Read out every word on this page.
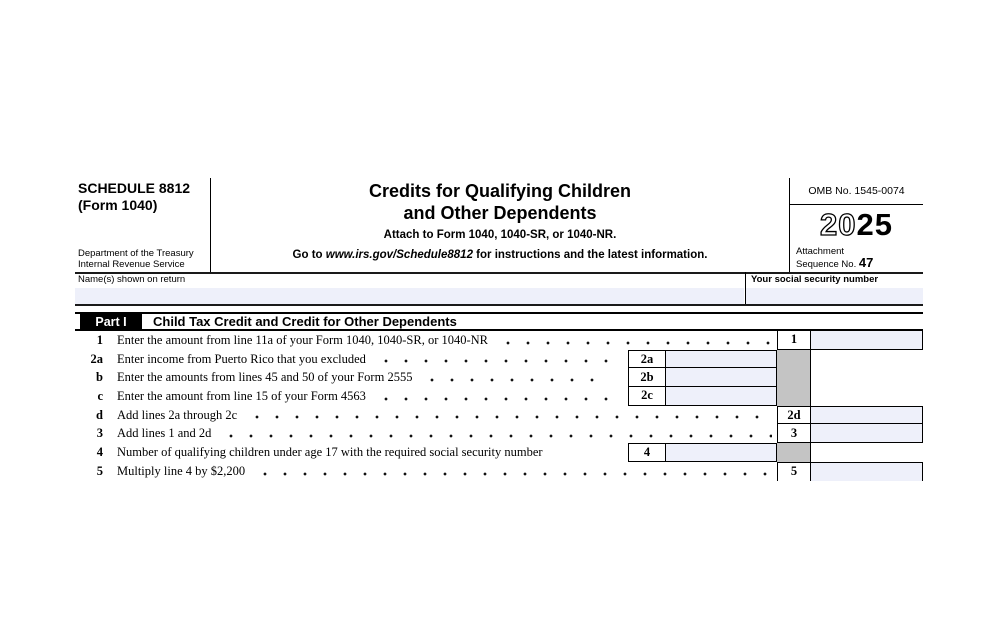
SCHEDULE 8812
(Form 1040)
Department of the Treasury
Internal Revenue Service
Credits for Qualifying Children
and Other Dependents
Attach to Form 1040, 1040-SR, or 1040-NR.
Go to www.irs.gov/Schedule8812 for instructions and the latest information.
OMB No. 1545-0074
2025
Attachment
Sequence No. 47
Name(s) shown on return	Your social security number
Part I	Child Tax Credit and Credit for Other Dependents
1 Enter the amount from line 11a of your Form 1040, 1040-SR, or 1040-NR	1
2a Enter income from Puerto Rico that you excluded	2a
b Enter the amounts from lines 45 and 50 of your Form 2555	2b
c Enter the amount from line 15 of your Form 4563	2c
d Add lines 2a through 2c	2d
3 Add lines 1 and 2d	3
4 Number of qualifying children under age 17 with the required social security number	4
5 Multiply line 4 by $2,200	5
